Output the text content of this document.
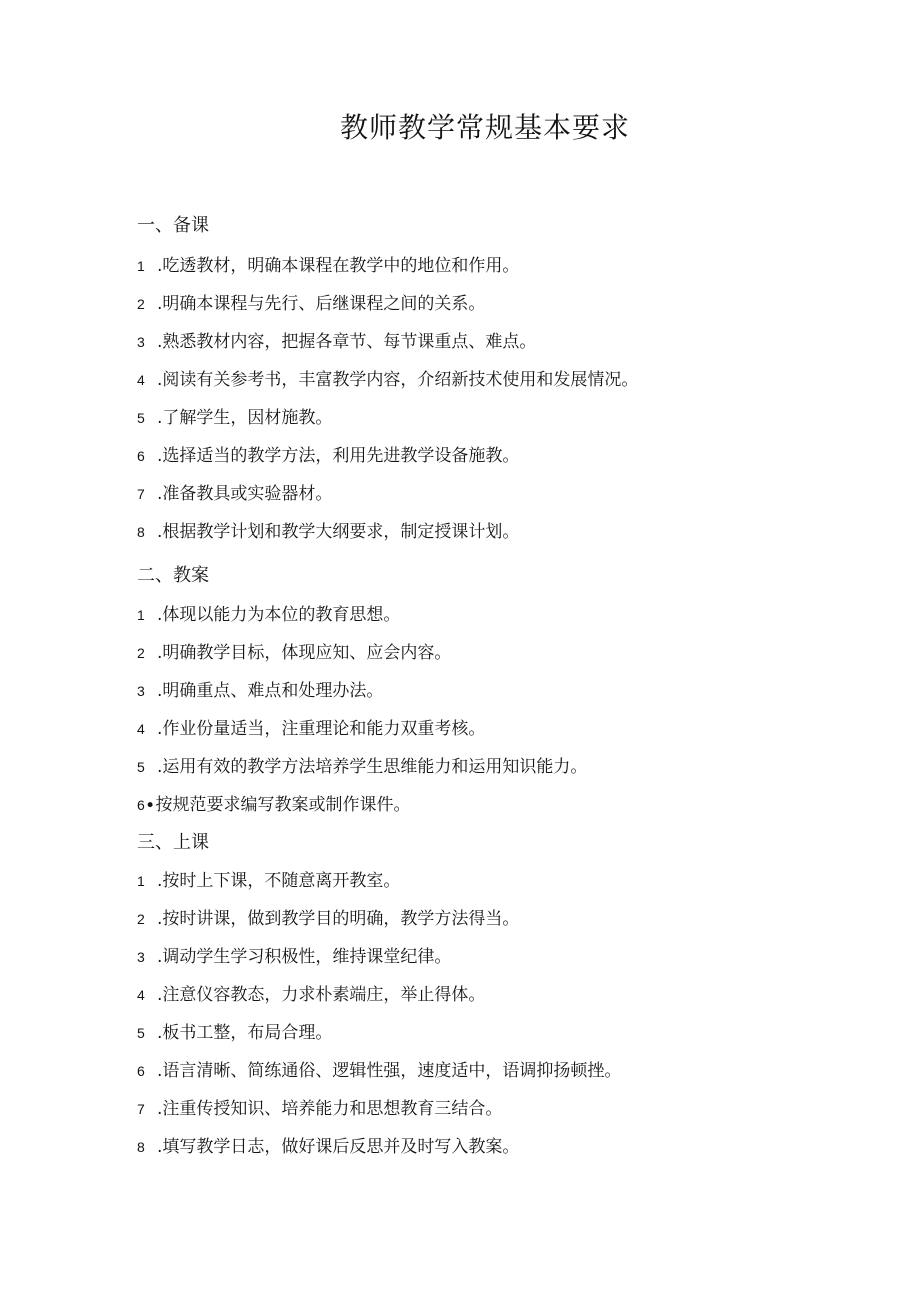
教师教学常规基本要求
一、备课
1 .吃透教材，明确本课程在教学中的地位和作用。
2 .明确本课程与先行、后继课程之间的关系。
3 .熟悉教材内容，把握各章节、每节课重点、难点。
4 .阅读有关参考书，丰富教学内容，介绍新技术使用和发展情况。
5 .了解学生，因材施教。
6 .选择适当的教学方法，利用先进教学设备施教。
7 .准备教具或实验器材。
8 .根据教学计划和教学大纲要求，制定授课计划。
二、教案
1 .体现以能力为本位的教育思想。
2 .明确教学目标，体现应知、应会内容。
3 .明确重点、难点和处理办法。
4 .作业份量适当，注重理论和能力双重考核。
5 .运用有效的教学方法培养学生思维能力和运用知识能力。
6∙按规范要求编写教案或制作课件。
三、上课
1 .按时上下课，不随意离开教室。
2 .按时讲课，做到教学目的明确，教学方法得当。
3 .调动学生学习积极性，维持课堂纪律。
4 .注意仪容教态，力求朴素端庄，举止得体。
5 .板书工整，布局合理。
6 .语言清晰、简练通俗、逻辑性强，速度适中，语调抑扬顿挫。
7 .注重传授知识、培养能力和思想教育三结合。
8 .填写教学日志，做好课后反思并及时写入教案。
